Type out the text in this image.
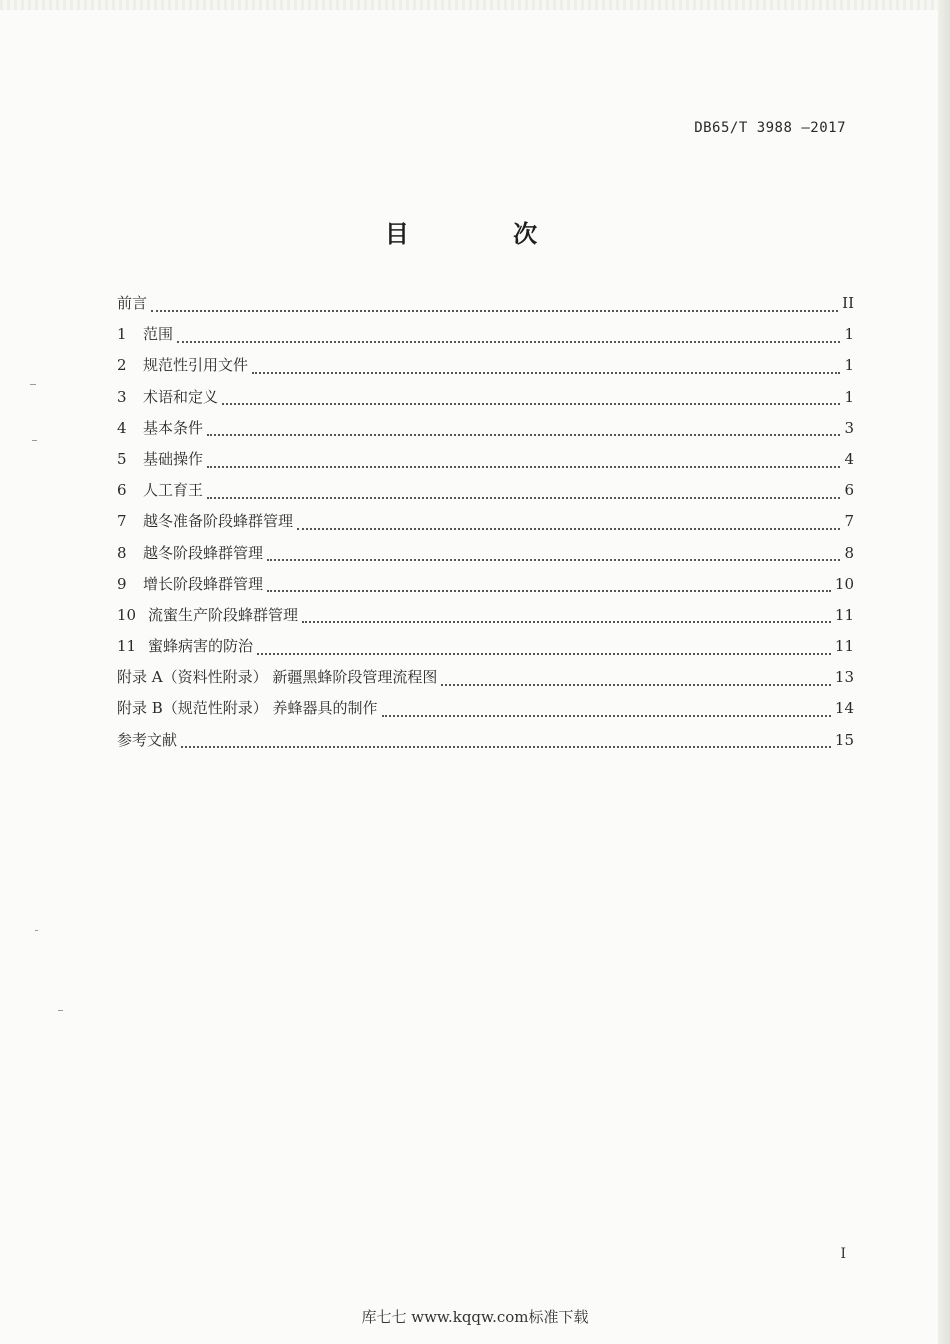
DB65/T 3988 —2017
目 次
前言	II
1	范围	1
2	规范性引用文件	1
3	术语和定义	1
4	基本条件	3
5	基础操作	4
6	人工育王	6
7	越冬准备阶段蜂群管理	7
8	越冬阶段蜂群管理	8
9	增长阶段蜂群管理	10
10 流蜜生产阶段蜂群管理	11
11 蜜蜂病害的防治	11
附录 A（资料性附录） 新疆黑蜂阶段管理流程图	13
附录 B（规范性附录） 养蜂器具的制作	14
参考文献	15
I
库七七 www.kqqw.com标准下载
